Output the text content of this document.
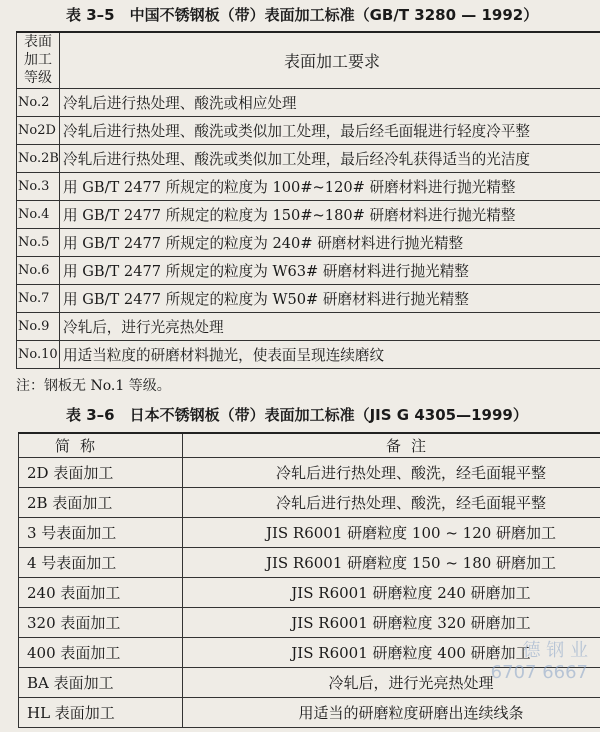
表 3–5　中国不锈钢板（带）表面加工标准（GB/T 3280 — 1992）
表面加工等级	表面加工要求
No.2	冷轧后进行热处理、酸洗或相应处理
No2D	冷轧后进行热处理、酸洗或类似加工处理，最后经毛面辊进行轻度冷平整
No.2B	冷轧后进行热处理、酸洗或类似加工处理，最后经冷轧获得适当的光洁度
No.3	用 GB/T 2477 所规定的粒度为 100#~120# 研磨材料进行抛光精整
No.4	用 GB/T 2477 所规定的粒度为 150#~180# 研磨材料进行抛光精整
No.5	用 GB/T 2477 所规定的粒度为 240# 研磨材料进行抛光精整
No.6	用 GB/T 2477 所规定的粒度为 W63# 研磨材料进行抛光精整
No.7	用 GB/T 2477 所规定的粒度为 W50# 研磨材料进行抛光精整
No.9	冷轧后，进行光亮热处理
No.10	用适当粒度的研磨材料抛光，使表面呈现连续磨纹
注：钢板无 No.1 等级。
表 3–6　日本不锈钢板（带）表面加工标准（JIS G 4305—1999）
简称	备注
2D 表面加工	冷轧后进行热处理、酸洗，经毛面辊平整
2B 表面加工	冷轧后进行热处理、酸洗，经毛面辊平整
3 号表面加工	JIS R6001 研磨粒度 100 ~ 120 研磨加工
4 号表面加工	JIS R6001 研磨粒度 150 ~ 180 研磨加工
240 表面加工	JIS R6001 研磨粒度 240 研磨加工
320 表面加工	JIS R6001 研磨粒度 320 研磨加工
400 表面加工	JIS R6001 研磨粒度 400 研磨加工
BA 表面加工	冷轧后，进行光亮热处理
HL 表面加工	用适当的研磨粒度研磨出连续线条
德 钢 业
6707 6667
